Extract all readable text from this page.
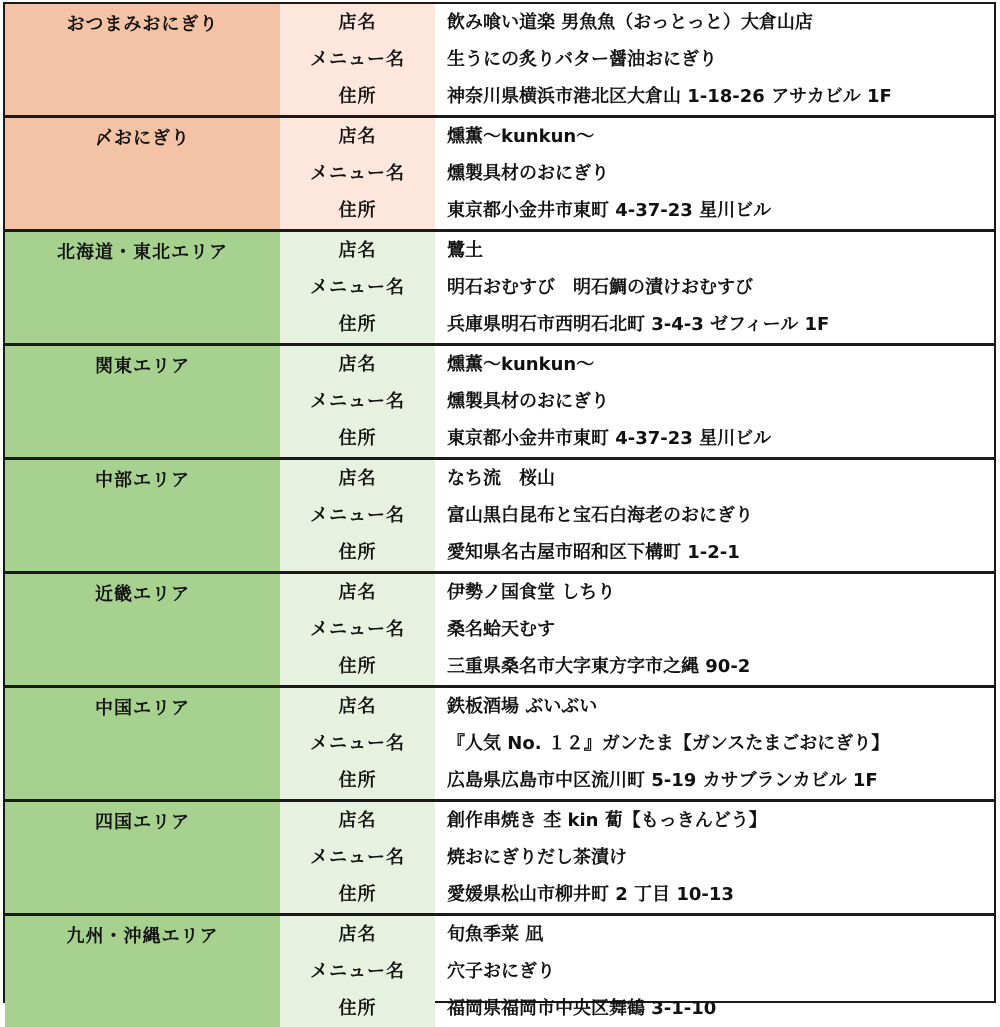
おつまみおにぎり	店名	飲み喰い道楽 男魚魚（おっとっと）大倉山店
メニュー名	生うにの炙りバター醤油おにぎり
住所	神奈川県横浜市港北区大倉山 1-18-26 アサカビル 1F
〆おにぎり	店名	燻薫～kunkun～
メニュー名	燻製具材のおにぎり
住所	東京都小金井市東町 4-37-23 星川ビル
北海道・東北エリア	店名	鷺土
メニュー名	明石おむすび　明石鯛の漬けおむすび
住所	兵庫県明石市西明石北町 3-4-3 ゼフィール 1F
関東エリア	店名	燻薫～kunkun～
メニュー名	燻製具材のおにぎり
住所	東京都小金井市東町 4-37-23 星川ビル
中部エリア	店名	なち流　桜山
メニュー名	富山黒白昆布と宝石白海老のおにぎり
住所	愛知県名古屋市昭和区下構町 1-2-1
近畿エリア	店名	伊勢ノ国食堂 しちり
メニュー名	桑名蛤天むす
住所	三重県桑名市大字東方字市之縄 90-2
中国エリア	店名	鉄板酒場 ぶいぶい
メニュー名	『人気 No. １２』ガンたま【ガンスたまごおにぎり】
住所	広島県広島市中区流川町 5-19 カサブランカビル 1F
四国エリア	店名	創作串焼き 杢 kin 蔔【もっきんどう】
メニュー名	焼おにぎりだし茶漬け
住所	愛媛県松山市柳井町 2 丁目 10-13
九州・沖縄エリア	店名	旬魚季菜 凪
メニュー名	穴子おにぎり
住所	福岡県福岡市中央区舞鶴 3-1-10
